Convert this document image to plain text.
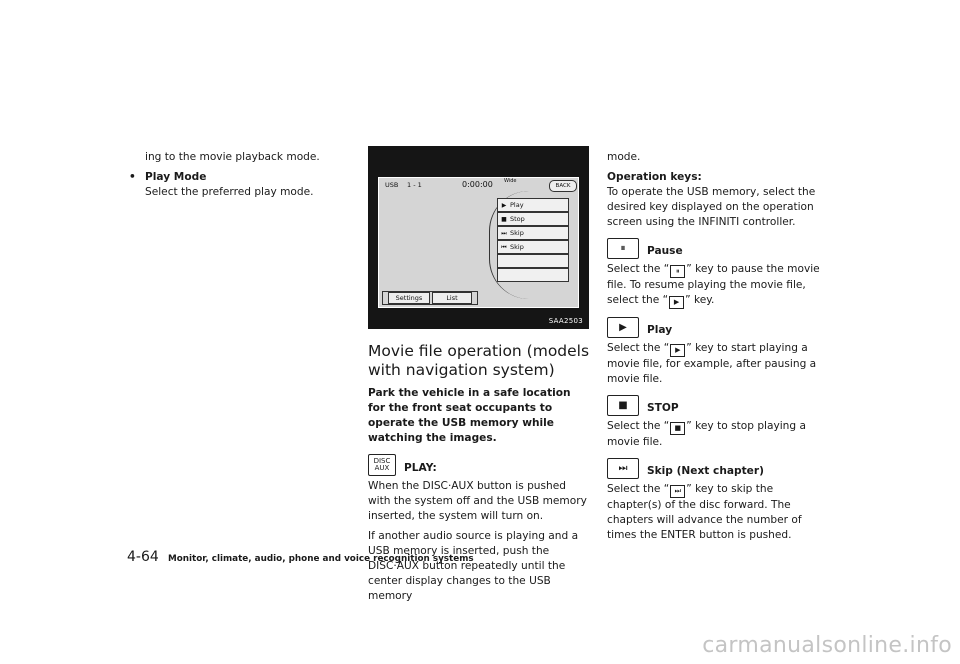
ing to the movie playback mode.
• Play Mode
Select the preferred play mode.
USB 1 - 1	0:00:00 Wide
BACK
▶ Play
■ Stop
⏭ Skip
⏮ Skip
Settings	List
SAA2503
Movie file operation (models with navigation system)
Park the vehicle in a safe location for the front seat occupants to operate the USB memory while watching the images.
DISC
AUX PLAY:
When the DISC·AUX button is pushed with the system off and the USB memory inserted, the system will turn on.
If another audio source is playing and a USB memory is inserted, push the DISC·AUX button repeatedly until the center display changes to the USB memory
mode.
Operation keys:
To operate the USB memory, select the desired key displayed on the operation screen using the INFINITI controller.
⏸	Pause
Select the “ ⏸ ” key to pause the movie file. To resume playing the movie file, select the “ ▶ ” key.
▶	Play
Select the “ ▶ ” key to start playing a movie file, for example, after pausing a movie file.
■	STOP
Select the “ ■ ” key to stop playing a movie file.
⏭	Skip (Next chapter)
Select the “ ⏭ ” key to skip the chapter(s) of the disc forward. The chapters will advance the number of times the ENTER button is pushed.
4-64 Monitor, climate, audio, phone and voice recognition systems
carmanualsonline.info
